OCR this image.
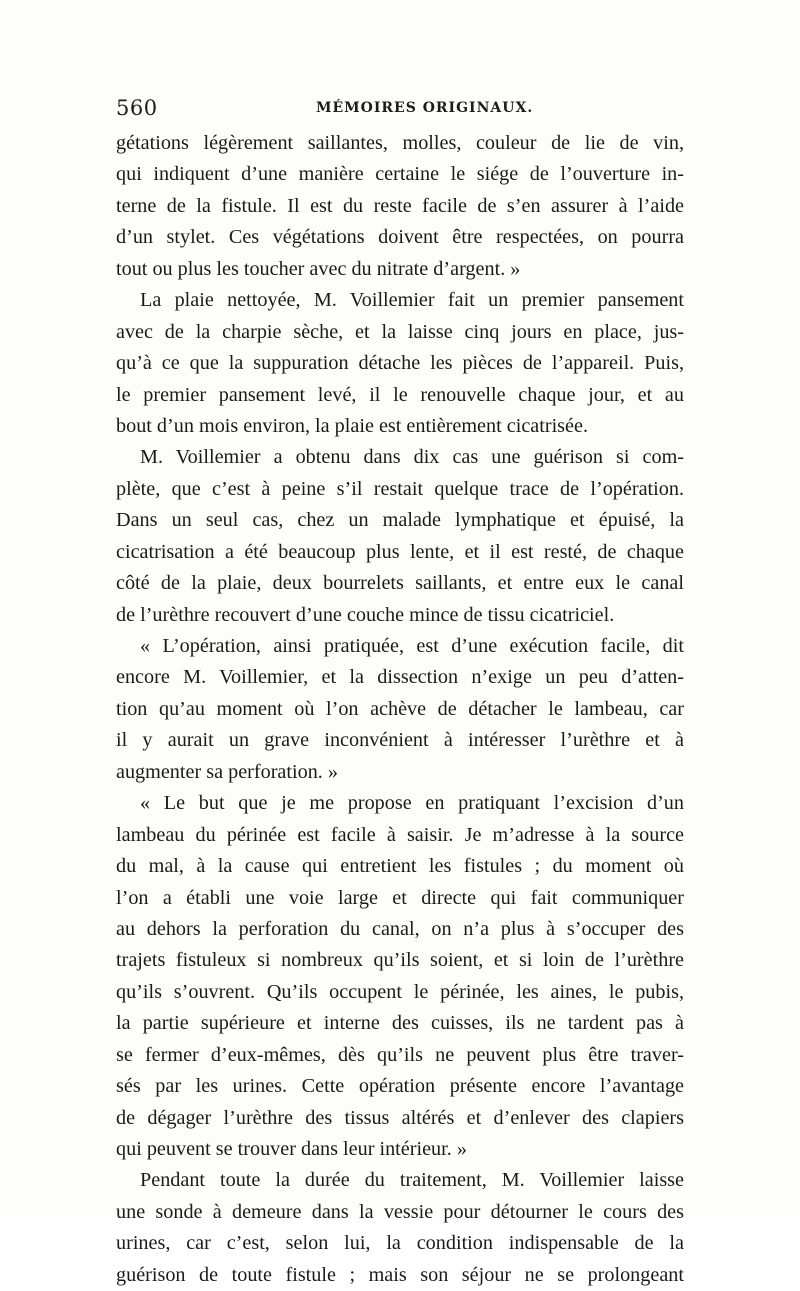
560	MÉMOIRES ORIGINAUX.
gétations légèrement saillantes, molles, couleur de lie de vin,
qui indiquent d’une manière certaine le siége de l’ouverture in-
terne de la fistule. Il est du reste facile de s’en assurer à l’aide
d’un stylet. Ces végétations doivent être respectées, on pourra
tout ou plus les toucher avec du nitrate d’argent. »
La plaie nettoyée, M. Voillemier fait un premier pansement
avec de la charpie sèche, et la laisse cinq jours en place, jus-
qu’à ce que la suppuration détache les pièces de l’appareil. Puis,
le premier pansement levé, il le renouvelle chaque jour, et au
bout d’un mois environ, la plaie est entièrement cicatrisée.
M. Voillemier a obtenu dans dix cas une guérison si com-
plète, que c’est à peine s’il restait quelque trace de l’opération.
Dans un seul cas, chez un malade lymphatique et épuisé, la
cicatrisation a été beaucoup plus lente, et il est resté, de chaque
côté de la plaie, deux bourrelets saillants, et entre eux le canal
de l’urèthre recouvert d’une couche mince de tissu cicatriciel.
« L’opération, ainsi pratiquée, est d’une exécution facile, dit
encore M. Voillemier, et la dissection n’exige un peu d’atten-
tion qu’au moment où l’on achève de détacher le lambeau, car
il y aurait un grave inconvénient à intéresser l’urèthre et à
augmenter sa perforation. »
« Le but que je me propose en pratiquant l’excision d’un
lambeau du périnée est facile à saisir. Je m’adresse à la source
du mal, à la cause qui entretient les fistules ; du moment où
l’on a établi une voie large et directe qui fait communiquer
au dehors la perforation du canal, on n’a plus à s’occuper des
trajets fistuleux si nombreux qu’ils soient, et si loin de l’urèthre
qu’ils s’ouvrent. Qu’ils occupent le périnée, les aines, le pubis,
la partie supérieure et interne des cuisses, ils ne tardent pas à
se fermer d’eux-mêmes, dès qu’ils ne peuvent plus être traver-
sés par les urines. Cette opération présente encore l’avantage
de dégager l’urèthre des tissus altérés et d’enlever des clapiers
qui peuvent se trouver dans leur intérieur. »
Pendant toute la durée du traitement, M. Voillemier laisse
une sonde à demeure dans la vessie pour détourner le cours des
urines, car c’est, selon lui, la condition indispensable de la
guérison de toute fistule ; mais son séjour ne se prolongeant
